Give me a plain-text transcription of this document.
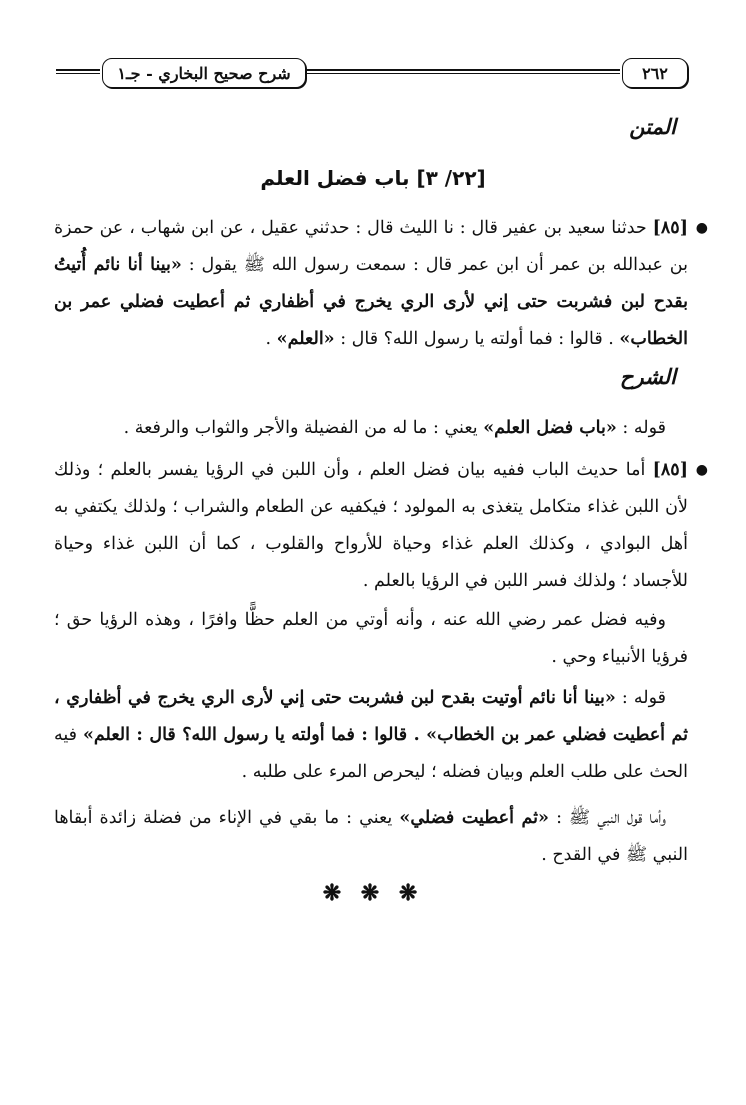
شرح صحيح البخاري - جـ١	٢٦٢
المتن
[٢٢/ ٣] باب فضل العلم
●
[٨٥] حدثنا سعيد بن عفير قال : نا الليث قال : حدثني عقيل ، عن ابن شهاب ، عن حمزة بن عبدالله بن عمر أن ابن عمر قال : سمعت رسول الله ﷺ يقول : «بينا أنا نائم أُتيتُ بقدح لبن فشربت حتى إني لأرى الري يخرج في أظفاري ثم أعطيت فضلي عمر بن الخطاب» . قالوا : فما أولته يا رسول الله؟ قال : «العلم» .
الشرح
قوله : «باب فضل العلم» يعني : ما له من الفضيلة والأجر والثواب والرفعة .
●
[٨٥] أما حديث الباب ففيه بيان فضل العلم ، وأن اللبن في الرؤيا يفسر بالعلم ؛ وذلك لأن اللبن غذاء متكامل يتغذى به المولود ؛ فيكفيه عن الطعام والشراب ؛ ولذلك يكتفي به أهل البوادي ، وكذلك العلم غذاء وحياة للأرواح والقلوب ، كما أن اللبن غذاء وحياة للأجساد ؛ ولذلك فسر اللبن في الرؤيا بالعلم .
وفيه فضل عمر رضي الله عنه ، وأنه أوتي من العلم حظًّا وافرًا ، وهذه الرؤيا حق ؛ فرؤيا الأنبياء وحي .
قوله : «بينا أنا نائم أوتيت بقدح لبن فشربت حتى إني لأرى الري يخرج في أظفاري ، ثم أعطيت فضلي عمر بن الخطاب» . قالوا : فما أولته يا رسول الله؟ قال : العلم» فيه الحث على طلب العلم وبيان فضله ؛ ليحرص المرء على طلبه .
وأما قول النبي ﷺ : «ثم أعطيت فضلي» يعني : ما بقي في الإناء من فضلة زائدة أبقاها النبي ﷺ في القدح .
❋ ❋ ❋
